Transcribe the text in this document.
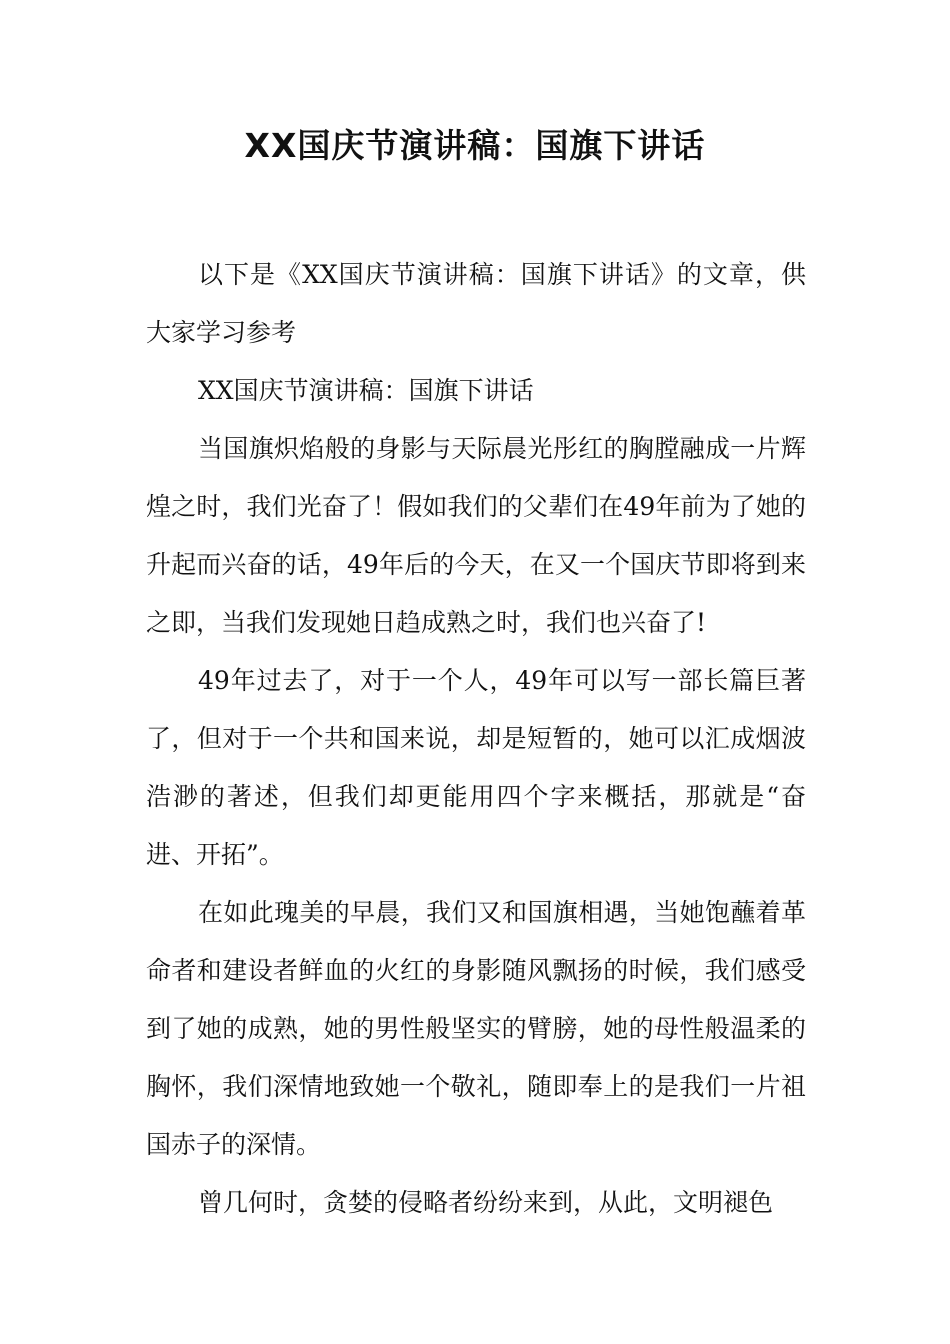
XX国庆节演讲稿：国旗下讲话

以下是《XX国庆节演讲稿：国旗下讲话》的文章，供大家学习参考

XX国庆节演讲稿：国旗下讲话

当国旗炽焰般的身影与天际晨光彤红的胸膛融成一片辉煌之时，我们光奋了！假如我们的父辈们在49年前为了她的升起而兴奋的话，49年后的今天，在又一个国庆节即将到来之即，当我们发现她日趋成熟之时，我们也兴奋了!

49年过去了，对于一个人，49年可以写一部长篇巨著了，但对于一个共和国来说，却是短暂的，她可以汇成烟波浩渺的著述，但我们却更能用四个字来概括，那就是“奋进、开拓”。

在如此瑰美的早晨，我们又和国旗相遇，当她饱蘸着革命者和建设者鲜血的火红的身影随风飘扬的时候，我们感受到了她的成熟，她的男性般坚实的臂膀，她的母性般温柔的胸怀，我们深情地致她一个敬礼，随即奉上的是我们一片祖国赤子的深情。

曾几何时，贪婪的侵略者纷纷来到，从此，文明褪色
